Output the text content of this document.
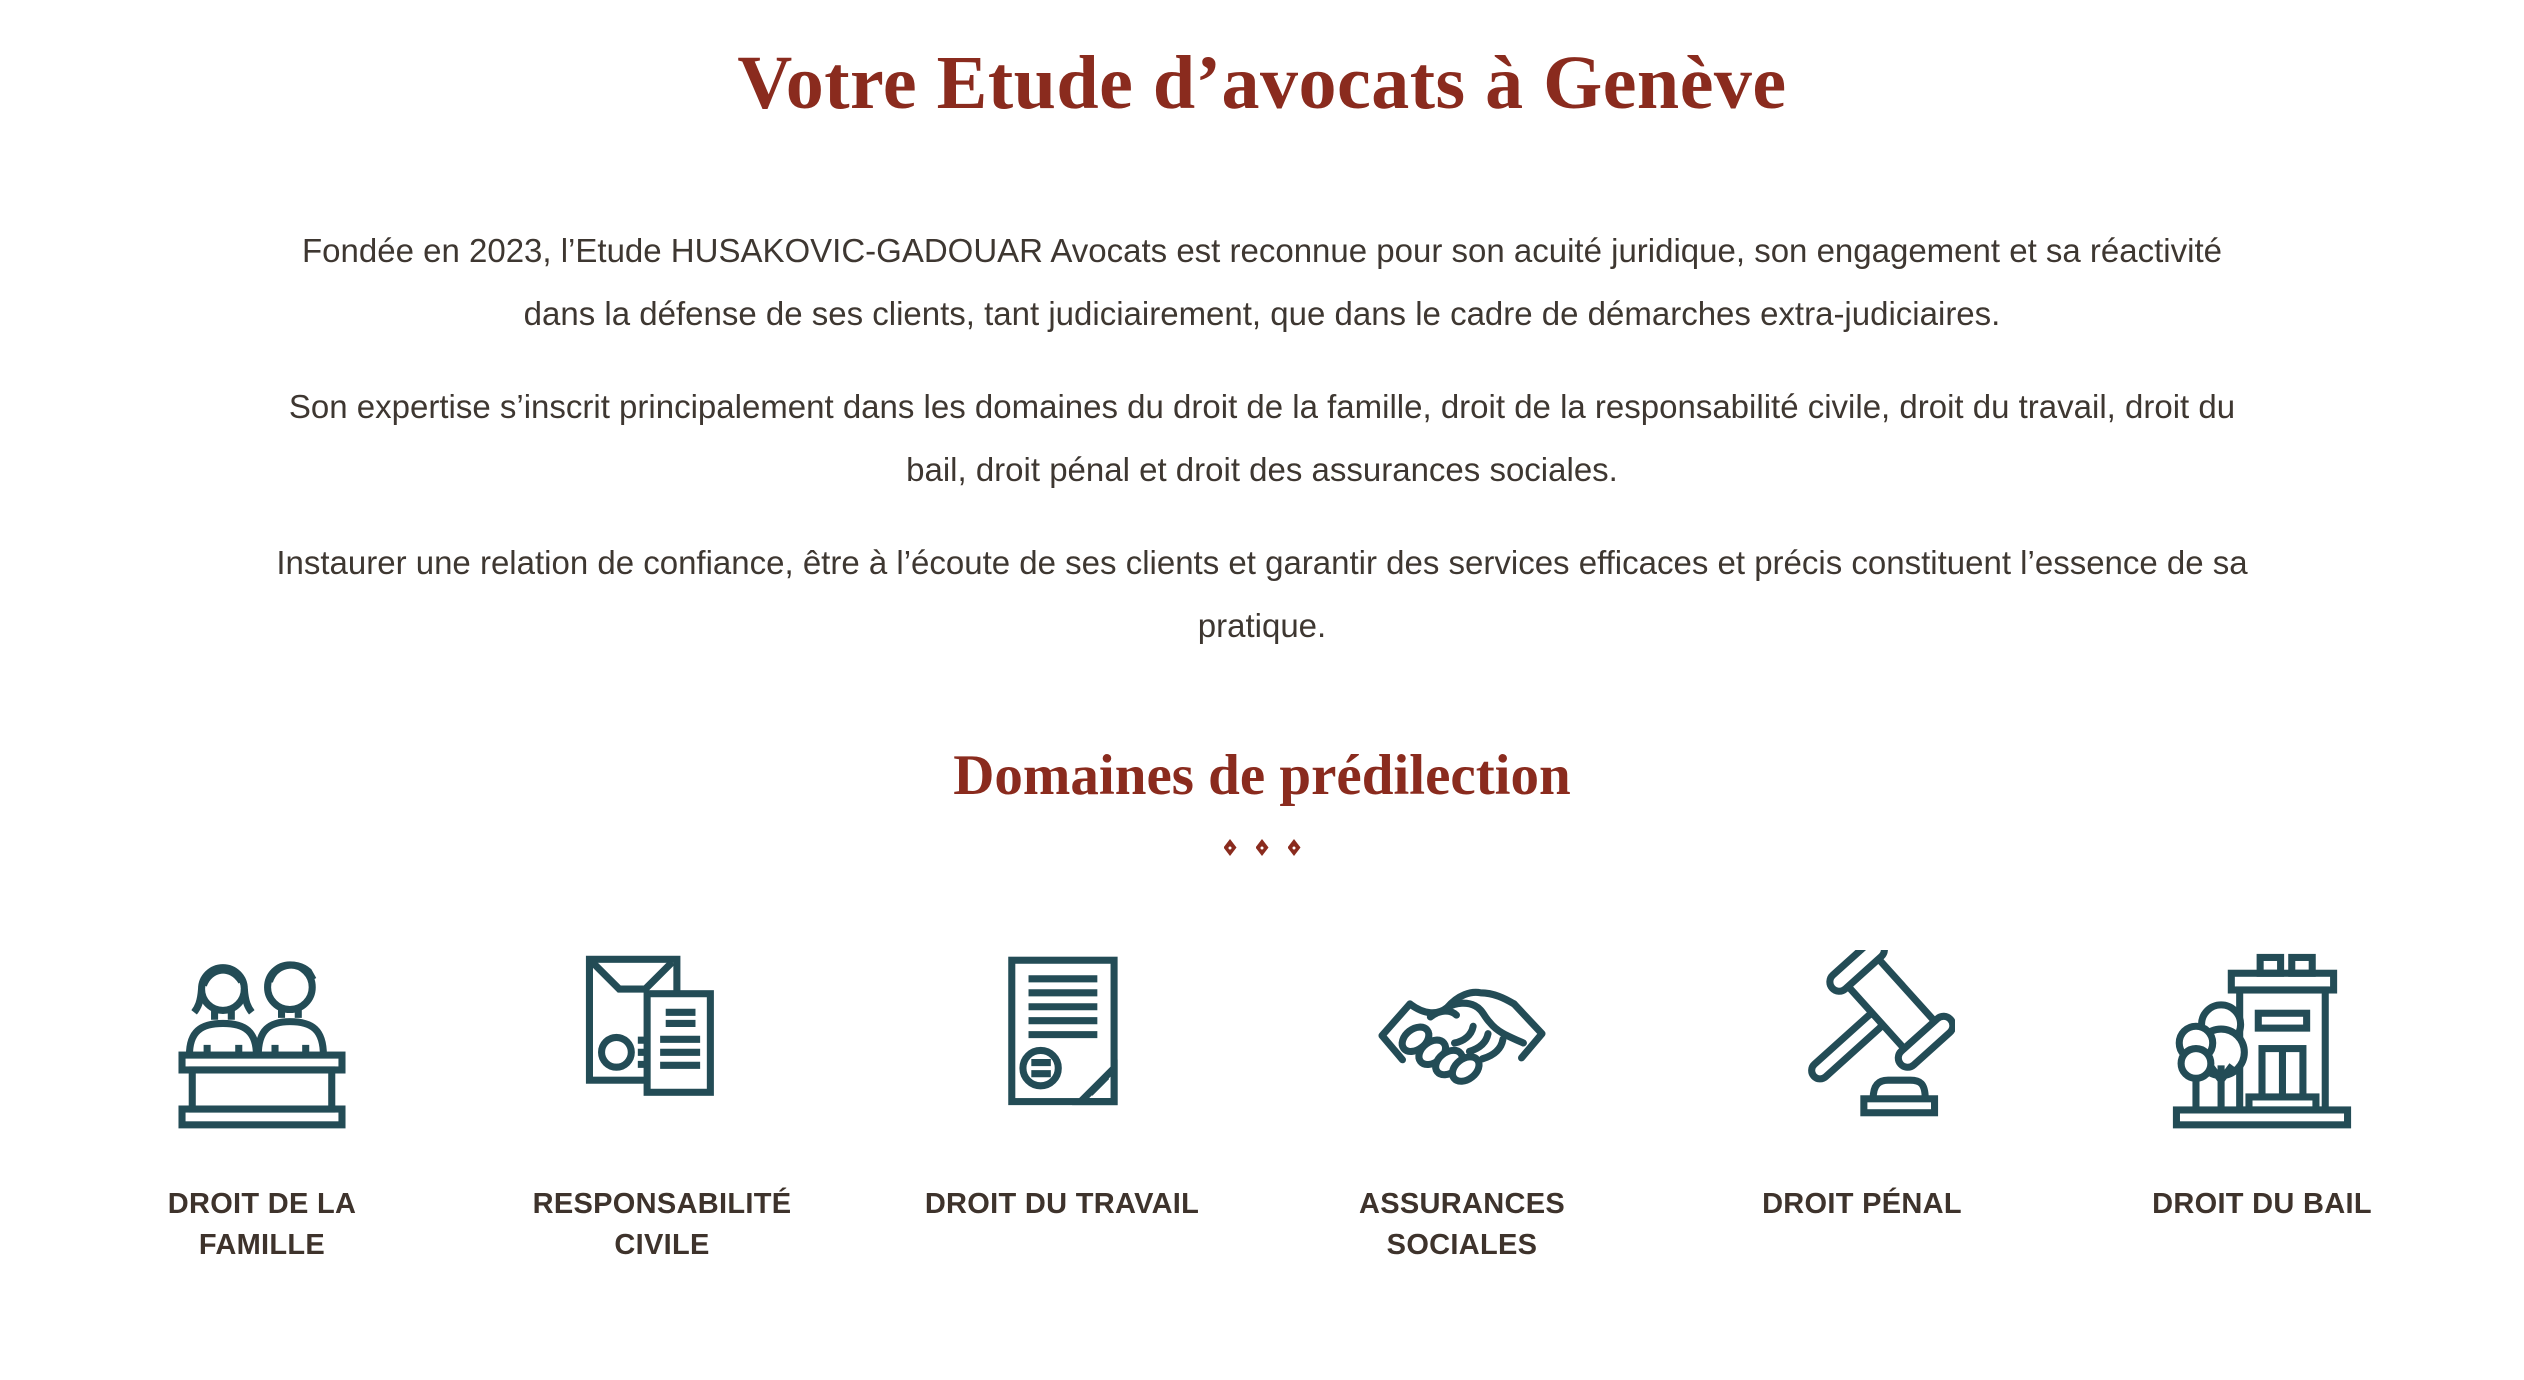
Votre Etude d’avocats à Genève

Fondée en 2023, l’Etude HUSAKOVIC-GADOUAR Avocats est reconnue pour son acuité juridique, son engagement et sa réactivité dans la défense de ses clients, tant judiciairement, que dans le cadre de démarches extra-judiciaires.

Son expertise s’inscrit principalement dans les domaines du droit de la famille, droit de la responsabilité civile, droit du travail, droit du bail, droit pénal et droit des assurances sociales.

Instaurer une relation de confiance, être à l’écoute de ses clients et garantir des services efficaces et précis constituent l’essence de sa pratique.

Domaines de prédilection
DROIT DE LA
FAMILLE
RESPONSABILITÉ
CIVILE
DROIT DU TRAVAIL	ASSURANCES
SOCIALES
DROIT PÉNAL	DROIT DU BAIL
